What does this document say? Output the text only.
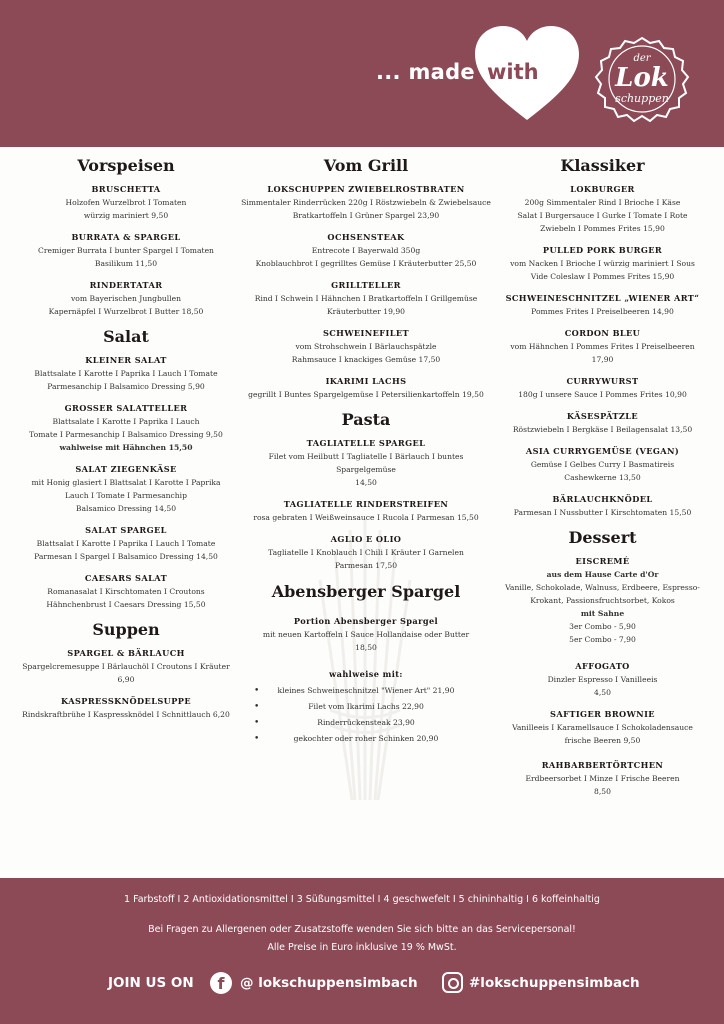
... made with
der
Lok
schuppen
Vorspeisen
BRUSCHETTA
Holzofen Wurzelbrot I Tomaten
würzig mariniert 9,50
BURRATA & SPARGEL
Cremiger Burrata I bunter Spargel I Tomaten
Basilikum 11,50
RINDERTATAR
vom Bayerischen Jungbullen
Kapernäpfel I Wurzelbrot I Butter 18,50
Salat
KLEINER SALAT
Blattsalate I Karotte I Paprika I Lauch I Tomate
Parmesanchip I Balsamico Dressing 5,90
GROSSER SALATTELLER
Blattsalate I Karotte I Paprika I Lauch
Tomate I Parmesanchip I Balsamico Dressing 9,50
wahlweise mit Hähnchen 15,50
SALAT ZIEGENKÄSE
mit Honig glasiert I Blattsalat I Karotte I Paprika
Lauch I Tomate I Parmesanchip
Balsamico Dressing 14,50
SALAT SPARGEL
Blattsalat I Karotte I Paprika I Lauch I Tomate
Parmesan I Spargel I Balsamico Dressing 14,50
CAESARS SALAT
Romanasalat I Kirschtomaten I Croutons
Hähnchenbrust I Caesars Dressing 15,50
Suppen
SPARGEL & BÄRLAUCH
Spargelcremesuppe I Bärlauchöl I Croutons I Kräuter
6,90
KASPRESSKNÖDELSUPPE
Rindskraftbrühe I Kaspressknödel I Schnittlauch 6,20
Vom Grill
LOKSCHUPPEN ZWIEBELROSTBRATEN
Simmentaler Rinderrücken 220g I Röstzwiebeln & Zwiebelsauce
Bratkartoffeln I Grüner Spargel 23,90
OCHSENSTEAK
Entrecote I Bayerwald 350g
Knoblauchbrot I gegrilltes Gemüse I Kräuterbutter 25,50
GRILLTELLER
Rind I Schwein I Hähnchen I Bratkartoffeln I Grillgemüse
Kräuterbutter 19,90
SCHWEINEFILET
vom Strohschwein I Bärlauchspätzle
Rahmsauce I knackiges Gemüse 17,50
IKARIMI LACHS
gegrillt I Buntes Spargelgemüse I Petersilienkartoffeln 19,50
Pasta
TAGLIATELLE SPARGEL
Filet vom Heilbutt I Tagliatelle I Bärlauch I buntes Spargelgemüse
14,50
TAGLIATELLE RINDERSTREIFEN
rosa gebraten I Weißweinsauce I Rucola I Parmesan 15,50
AGLIO E OLIO
Tagliatelle I Knoblauch I Chili I Kräuter I Garnelen
Parmesan 17,50
Abensberger Spargel
Portion Abensberger Spargel
mit neuen Kartoffeln I Sauce Hollandaise oder Butter
18,50
wahlweise mit:
• kleines Schweineschnitzel "Wiener Art" 21,90
•	Filet vom Ikarimi Lachs 22,90
•	Rinderrückensteak 23,90
•	gekochter oder roher Schinken 20,90
Klassiker
LOKBURGER
200g Simmentaler Rind I Brioche I Käse
Salat I Burgersauce I Gurke I Tomate I Rote
Zwiebeln I Pommes Frites 15,90
PULLED PORK BURGER
vom Nacken I Brioche I würzig mariniert I Sous
Vide Coleslaw I Pommes Frites 15,90
SCHWEINESCHNITZEL „WIENER ART“
Pommes Frites I Preiselbeeren 14,90
CORDON BLEU
vom Hähnchen I Pommes Frites I Preiselbeeren
17,90
CURRYWURST
180g I unsere Sauce I Pommes Frites 10,90
KÄSESPÄTZLE
Röstzwiebeln I Bergkäse I Beilagensalat 13,50
ASIA CURRYGEMÜSE (VEGAN)
Gemüse I Gelbes Curry I Basmatireis
Cashewkerne 13,50
BÄRLAUCHKNÖDEL
Parmesan I Nussbutter I Kirschtomaten 15,50
Dessert
EISCREMÉ
aus dem Hause Carte d'Or
Vanille, Schokolade, Walnuss, Erdbeere, Espresso-
Krokant, Passionsfruchtsorbet, Kokos
mit Sahne
3er Combo - 5,90
5er Combo - 7,90
AFFOGATO
Dinzler Espresso I Vanilleeis
4,50
SAFTIGER BROWNIE
Vanilleeis I Karamellsauce I Schokoladensauce
frische Beeren 9,50
RAHBARBERTÖRTCHEN
Erdbeersorbet I Minze I Frische Beeren
8,50
1 Farbstoff I 2 Antioxidationsmittel I 3 Süßungsmittel I 4 geschwefelt I 5 chininhaltig I 6 koffeinhaltig
Bei Fragen zu Allergenen oder Zusatzstoffe wenden Sie sich bitte an das Servicepersonal!
Alle Preise in Euro inklusive 19 % MwSt.
JOIN US ON	f	@ lokschuppensimbach	#lokschuppensimbach
